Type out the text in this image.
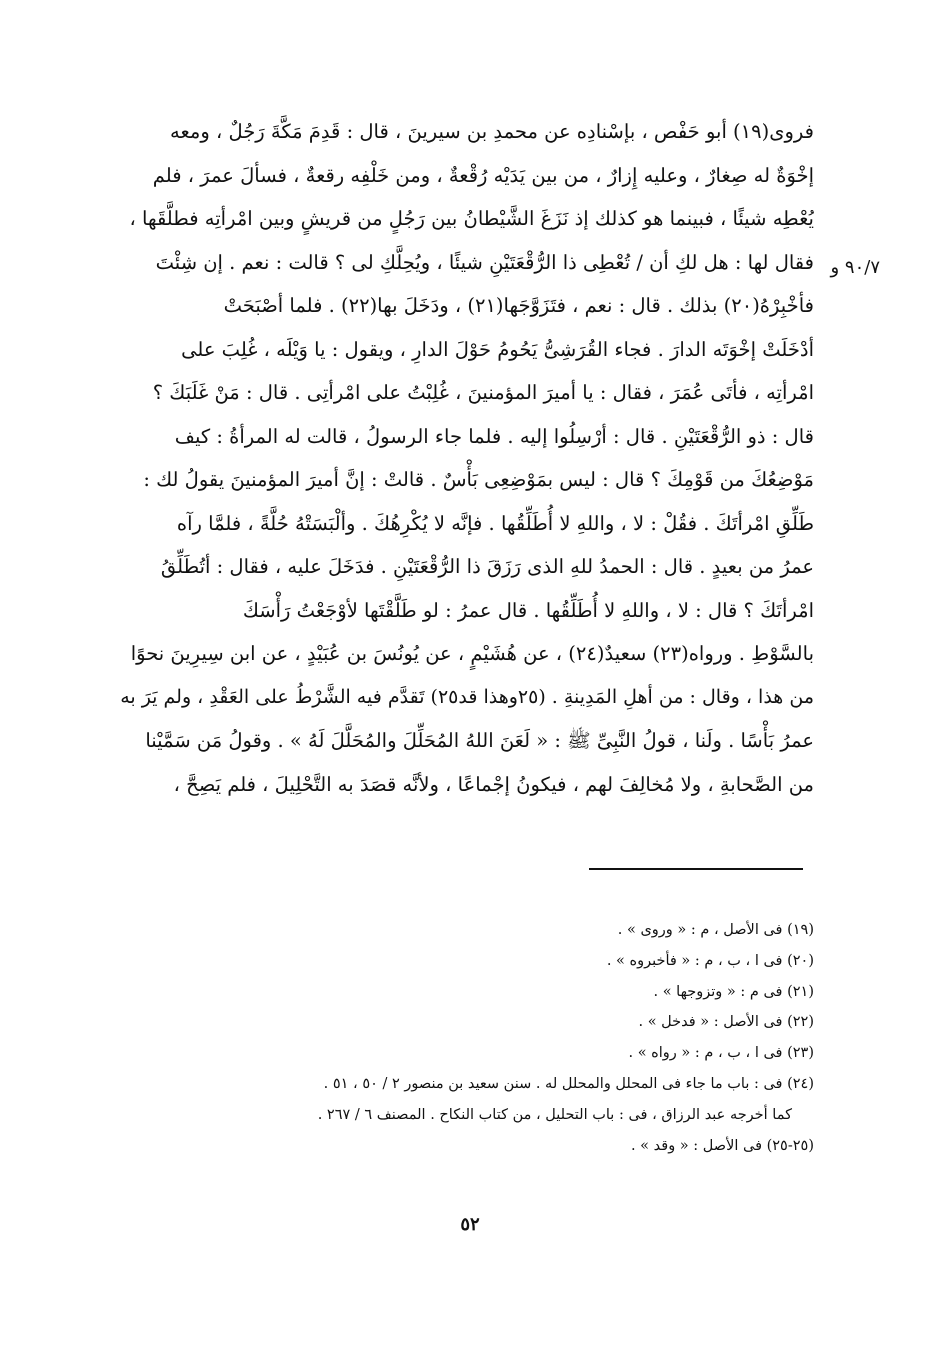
٩٠/٧ و
فروى(١٩) أبو حَفْص ، بإسْنادِه عن محمدِ بن سيرينَ ، قال : قَدِمَ مَكَّةَ رَجُلٌ ، ومعه
إخْوَةٌ له صِغارٌ ، وعليه إِزارٌ ، من بين يَدَيْه رُقْعةٌ ، ومن خَلْفِه رقعةٌ ، فسألَ عمرَ ، فلم
يُعْطِه شيئًا ، فبينما هو كذلك إذ نَزَغَ الشَّيْطانُ بين رَجُلٍ من قريشٍ وبين امْرأتِه فطلَّقَها ،
فقال لها : هل لكِ أن / تُعْطِى ذا الرُّقْعَتَيْنِ شيئًا ، ويُحِلَّكِ لى ؟ قالت : نعم . إن شِئْتَ
فأخْبِرْهُ(٢٠) بذلك . قال : نعم ، فتَزَوَّجَها(٢١) ، ودَخَلَ بها(٢٢) . فلما أصْبَحَتْ
أدْخَلَتْ إخْوَتَه الدارَ . فجاء القُرَشِىُّ يَحُومُ حَوْلَ الدارِ ، ويقول : يا وَيْلَه ، غُلِبَ على
امْرأتِه ، فأتَى عُمَرَ ، فقال : يا أميرَ المؤمنينَ ، غُلِبْتُ على امْرأتِى . قال : مَنْ غَلَبَكَ ؟
قال : ذو الرُّقْعَتَيْنِ . قال : أرْسِلُوا إليه . فلما جاء الرسولُ ، قالت له المرأةُ : كيف
مَوْضِعُكَ من قَوْمِكَ ؟ قال : ليس بمَوْضِعِى بَأْسٌ . قالتْ : إنَّ أميرَ المؤمنينَ يقولُ لك :
طَلِّقِ امْرأتَكَ . فقُلْ : لا ، واللهِ لا أُطَلِّقُها . فإنَّه لا يُكْرِهُكَ . وألْبَسَتْهُ حُلَّةً ، فلمَّا رآه
عمرُ من بعيدٍ . قال : الحمدُ للهِ الذى رَزَقَ ذا الرُّقْعَتَيْنِ . فدَخَلَ عليه ، فقال : أتُطَلِّقُ
امْرأتَكَ ؟ قال : لا ، واللهِ لا أُطَلِّقُها . قال عمرُ : لو طَلَّقْتَها لأوْجَعْتُ رَأْسَكَ
بالسَّوْطِ . ورواه(٢٣) سعيدٌ(٢٤) ، عن هُشَيْمٍ ، عن يُونُسَ بن عُبَيْدٍ ، عن ابن سِيرِينَ نحوًا
من هذا ، وقال : من أهلِ المَدِينةِ . (٢٥وهذا قد٢٥) تَقدَّم فيه الشَّرْطُ على العَقْدِ ، ولم يَرَ به
عمرُ بَأْسًا . ولَنا ، قولُ النَّبِىِّ ﷺ : « لَعَنَ اللهُ المُحَلِّلَ والمُحَلَّلَ لَهُ » . وقولُ مَن سَمَّيْنا
من الصَّحابةِ ، ولا مُخالِفَ لهم ، فيكونُ إجْماعًا ، ولأنَّه قصَدَ به التَّحْلِيلَ ، فلم يَصِحَّ ،
(١٩) فى الأصل ، م : « وروى » .
(٢٠) فى ا ، ب ، م : « فأخبروه » .
(٢١) فى م : « وتزوجها » .
(٢٢) فى الأصل : « فدخل » .
(٢٣) فى ا ، ب ، م : « رواه » .
(٢٤) فى : باب ما جاء فى المحلل والمحلل له . سنن سعيد بن منصور ٢ / ٥٠ ، ٥١ .
كما أخرجه عبد الرزاق ، فى : باب التحليل ، من كتاب النكاح . المصنف ٦ / ٢٦٧ .
(٢٥-٢٥) فى الأصل : « وقد » .
٥٢
